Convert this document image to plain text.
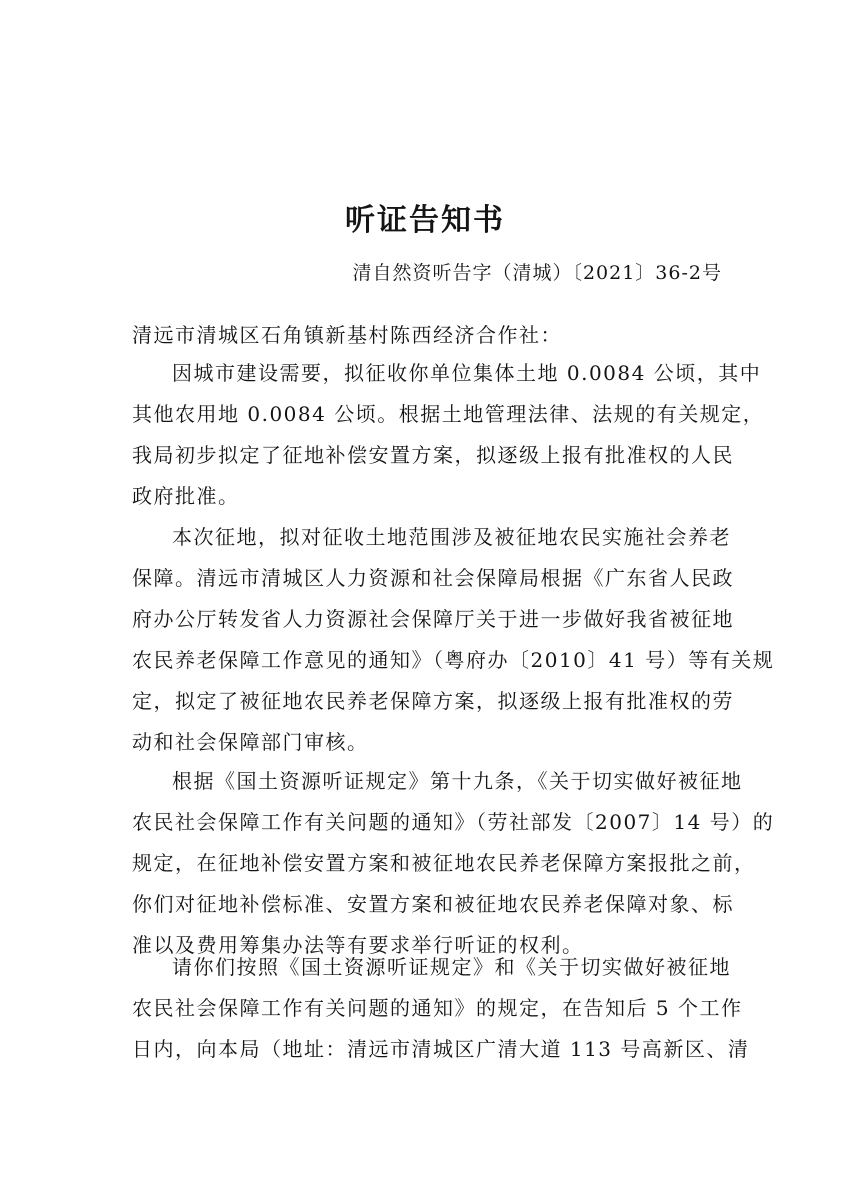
听证告知书
清自然资听告字（清城）〔2021〕36-2号
清远市清城区石角镇新基村陈西经济合作社：
因城市建设需要，拟征收你单位集体土地 0.0084 公顷，其中
其他农用地 0.0084 公顷。根据土地管理法律、法规的有关规定，
我局初步拟定了征地补偿安置方案，拟逐级上报有批准权的人民
政府批准。
本次征地，拟对征收土地范围涉及被征地农民实施社会养老
保障。清远市清城区人力资源和社会保障局根据《广东省人民政
府办公厅转发省人力资源社会保障厅关于进一步做好我省被征地
农民养老保障工作意见的通知》（粤府办〔2010〕41 号）等有关规
定，拟定了被征地农民养老保障方案，拟逐级上报有批准权的劳
动和社会保障部门审核。
根据《国土资源听证规定》第十九条，《关于切实做好被征地
农民社会保障工作有关问题的通知》（劳社部发〔2007〕14 号）的
规定，在征地补偿安置方案和被征地农民养老保障方案报批之前，
你们对征地补偿标准、安置方案和被征地农民养老保障对象、标
准以及费用筹集办法等有要求举行听证的权利。
请你们按照《国土资源听证规定》和《关于切实做好被征地
农民社会保障工作有关问题的通知》的规定，在告知后 5 个工作
日内，向本局（地址：清远市清城区广清大道 113 号高新区、清
